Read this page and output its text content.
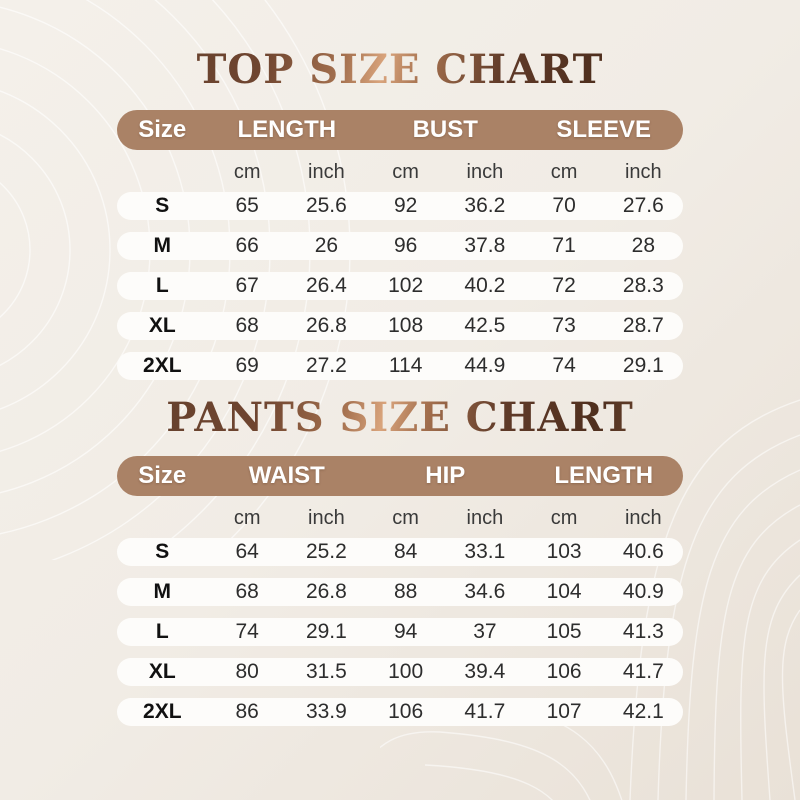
TOP SIZE CHART
Size	LENGTH	BUST	SLEEVE
cm	inch	cm	inch	cm	inch
S	65	25.6	92	36.2	70	27.6
M	66	26	96	37.8	71	28
L	67	26.4	102	40.2	72	28.3
XL	68	26.8	108	42.5	73	28.7
2XL	69	27.2	114	44.9	74	29.1
PANTS SIZE CHART
Size	WAIST	HIP	LENGTH
cm	inch	cm	inch	cm	inch
S	64	25.2	84	33.1	103	40.6
M	68	26.8	88	34.6	104	40.9
L	74	29.1	94	37	105	41.3
XL	80	31.5	100	39.4	106	41.7
2XL	86	33.9	106	41.7	107	42.1
